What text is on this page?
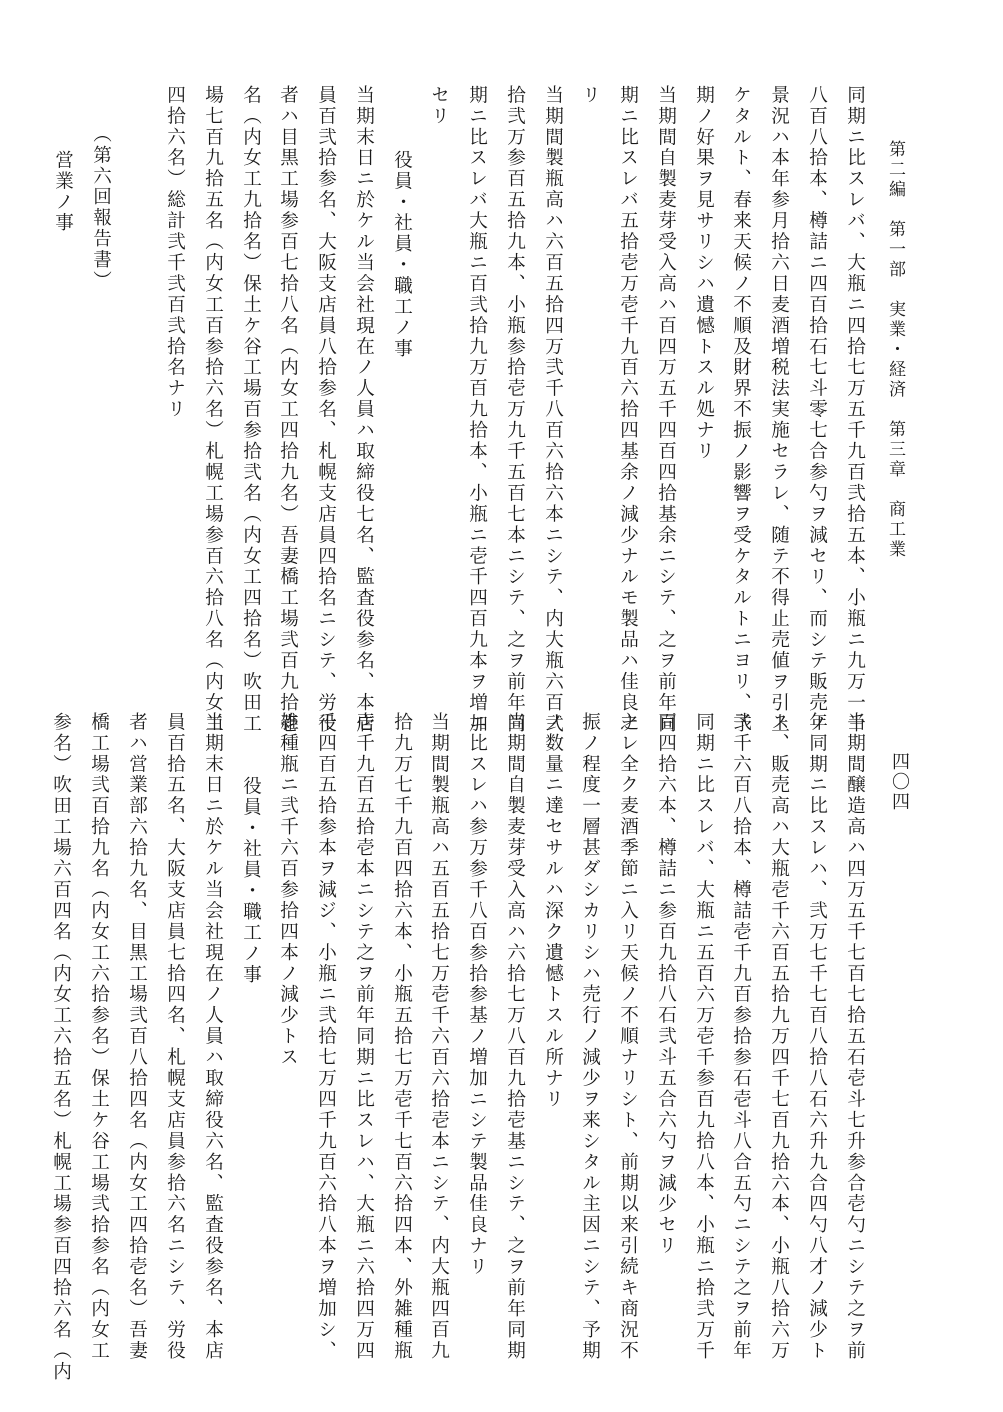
第二編　第一部　実業・経済　第三章　商工業
四〇四
同期ニ比スレバ、大瓶ニ四拾七万五千九百弐拾五本、小瓶ニ九万一千
八百八拾本、樽詰ニ四百拾石七斗零七合参勺ヲ減セリ、而シテ販売ノ
景況ハ本年参月拾六日麦酒増税法実施セラレ、随テ不得止売値ヲ引上
ケタルト、春来天候ノ不順及財界不振ノ影響ヲ受ケタルトニヨリ、予
期ノ好果ヲ見サリシハ遺憾トスル処ナリ
当期間自製麦芽受入高ハ百四万五千四百四拾基余ニシテ、之ヲ前年同
期ニ比スレバ五拾壱万壱千九百六拾四基余ノ減少ナルモ製品ハ佳良ナ
リ
当期間製瓶高ハ六百五拾四万弐千八百六拾六本ニシテ、内大瓶六百弐
拾弐万参百五拾九本、小瓶参拾壱万九千五百七本ニシテ、之ヲ前年同
期ニ比スレバ大瓶ニ百弐拾九万百九拾本、小瓶ニ壱千四百九本ヲ増加
セリ
役員・社員・職工ノ事
当期末日ニ於ケル当会社現在ノ人員ハ取締役七名、監査役参名、本店
員百弐拾参名、大阪支店員八拾参名、札幌支店員四拾名ニシテ、労役
者ハ目黒工場参百七拾八名（内女工四拾九名）吾妻橋工場弐百九拾壱
名（内女工九拾名）保土ケ谷工場百参拾弐名（内女工四拾名）吹田工
場七百九拾五名（内女工百参拾六名）札幌工場参百六拾八名（内女工
四拾六名）総計弐千弐百弐拾名ナリ
（第六回報告書）
営業ノ事
当期間醸造高ハ四万五千七百七拾五石壱斗七升参合壱勺ニシテ之ヲ前
年同期ニ比スレハ、弐万七千七百八拾八石六升九合四勺八才ノ減少ト
ス、販売高ハ大瓶壱千六百五拾九万四千七百九拾六本、小瓶八拾六万
弐千六百八拾本、樽詰壱千九百参拾参石壱斗八合五勺ニシテ之ヲ前年
同期ニ比スレバ、大瓶ニ五百六万壱千参百九拾八本、小瓶ニ拾弐万千
百四拾六本、樽詰ニ参百九拾八石弐斗五合六勺ヲ減少セリ
之レ全ク麦酒季節ニ入リ天候ノ不順ナリシト、前期以来引続キ商況不
振ノ程度一層甚ダシカリシハ売行ノ減少ヲ来シタル主因ニシテ、予期
ノ数量ニ達セサルハ深ク遺憾トスル所ナリ
当期間自製麦芽受入高ハ六拾七万八百九拾壱基ニシテ、之ヲ前年同期
ニ比スレハ参万参千八百参拾参基ノ増加ニシテ製品佳良ナリ
当期間製瓶高ハ五百五拾七万壱千六百六拾壱本ニシテ、内大瓶四百九
拾九万七千九百四拾六本、小瓶五拾七万壱千七百六拾四本、外雑種瓶
壱千九百五拾壱本ニシテ之ヲ前年同期ニ比スレハ、大瓶ニ六拾四万四
千四百五拾参本ヲ減ジ、小瓶ニ弐拾七万四千九百六拾八本ヲ増加シ、
雑種瓶ニ弐千六百参拾四本ノ減少トス
役員・社員・職工ノ事
当期末日ニ於ケル当会社現在ノ人員ハ取締役六名、監査役参名、本店
員百拾五名、大阪支店員七拾四名、札幌支店員参拾六名ニシテ、労役
者ハ営業部六拾九名、目黒工場弐百八拾四名（内女工四拾壱名）吾妻
橋工場弐百拾九名（内女工六拾参名）保土ケ谷工場弐拾参名（内女工
参名）吹田工場六百四名（内女工六拾五名）札幌工場参百四拾六名（内
